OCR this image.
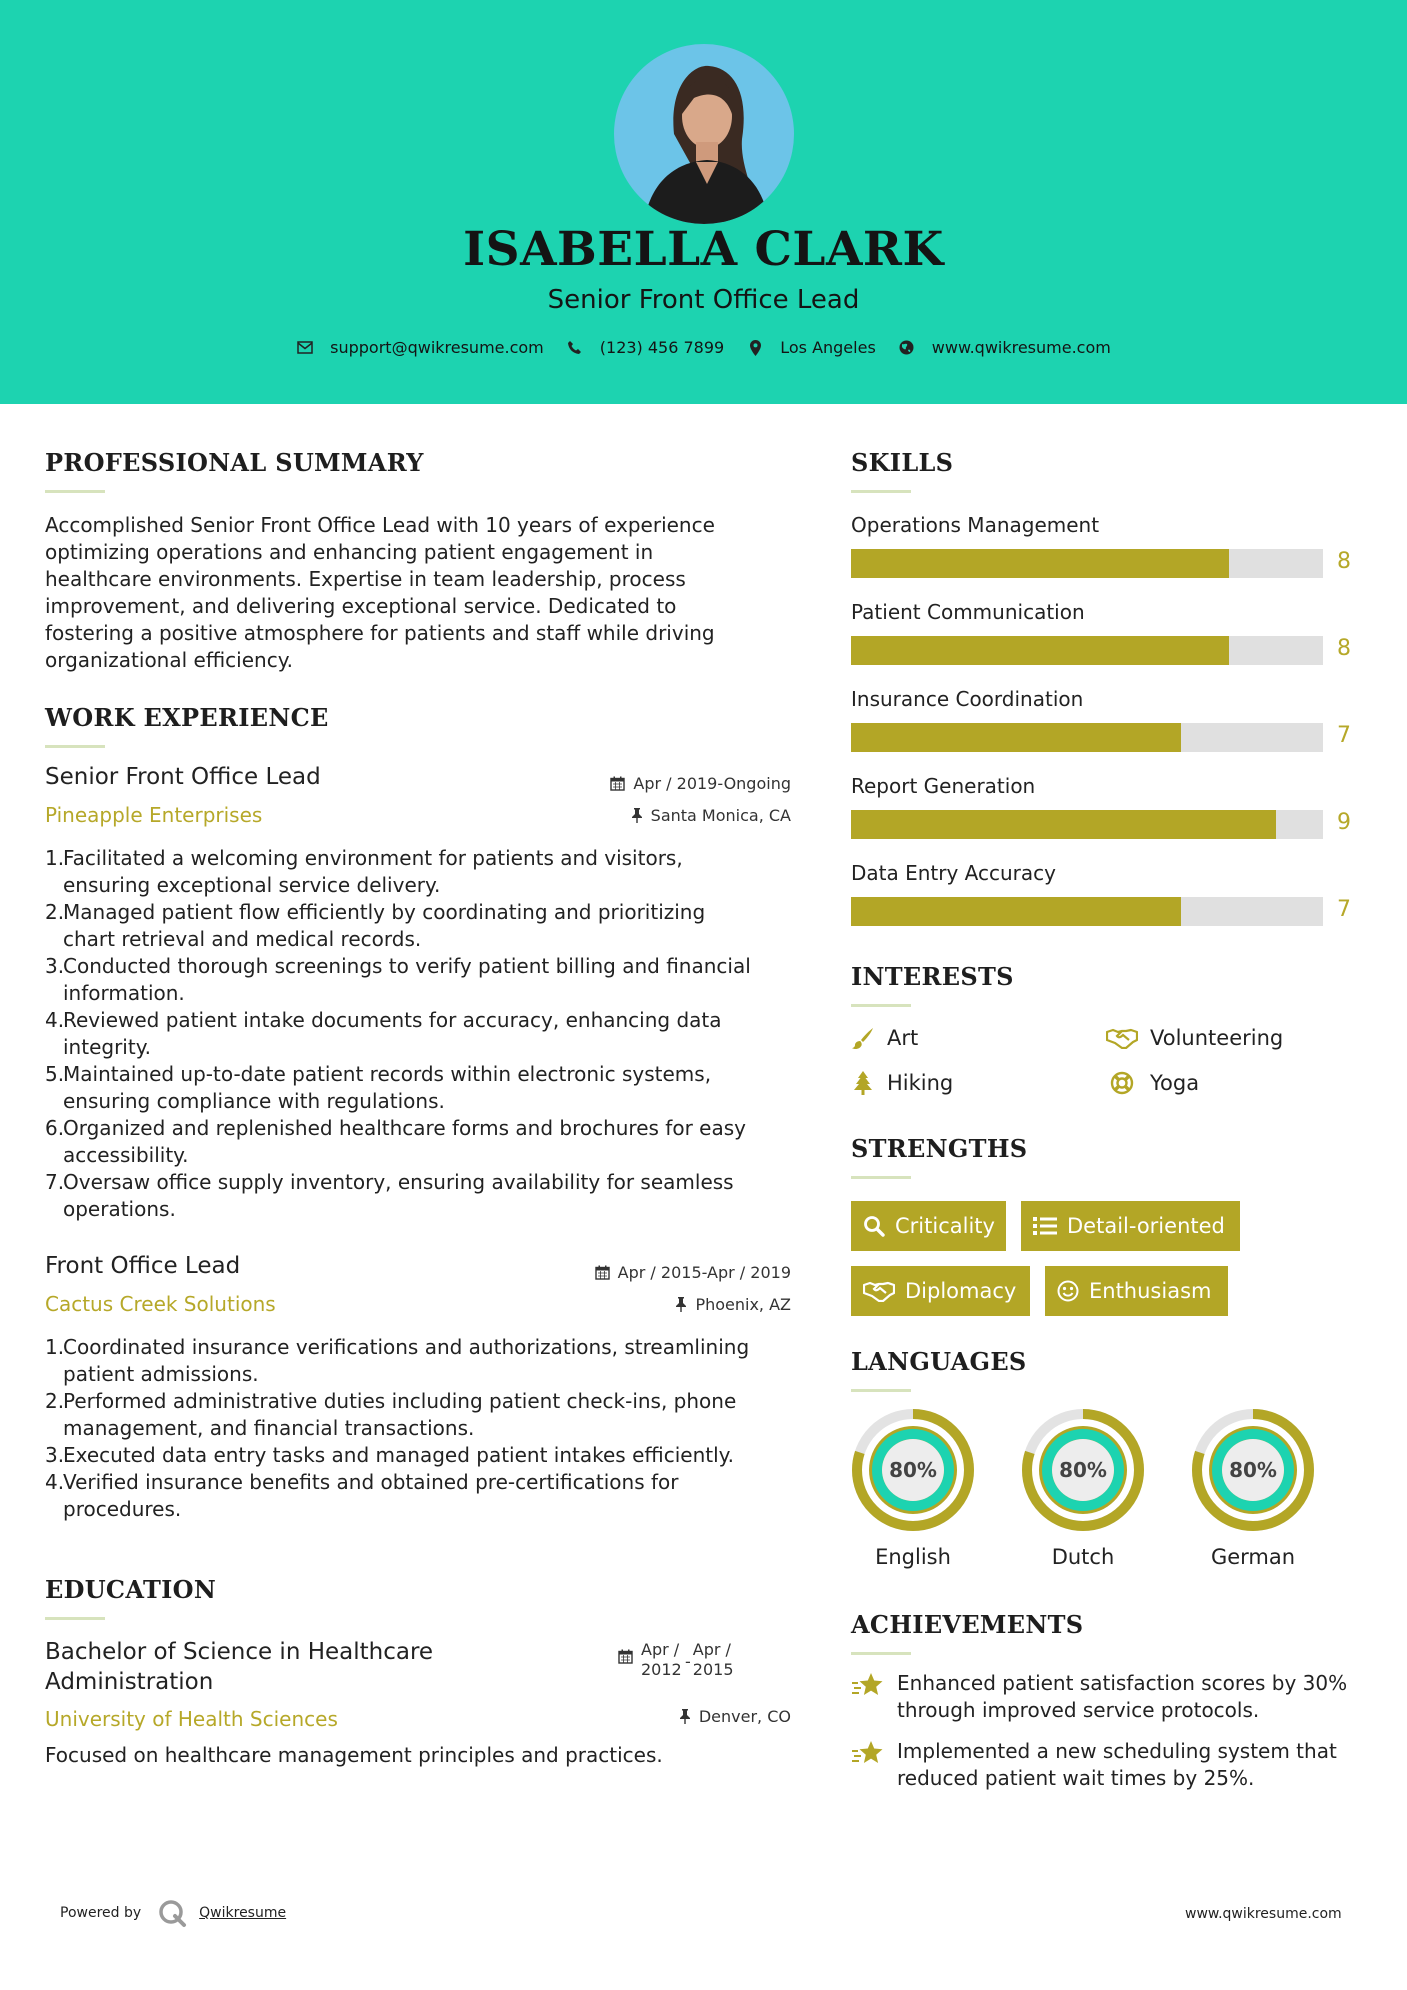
ISABELLA CLARK
Senior Front Office Lead
support@qwikresume.com	(123) 456 7899	Los Angeles	www.qwikresume.com
PROFESSIONAL SUMMARY
Accomplished Senior Front Office Lead with 10 years of experience
optimizing operations and enhancing patient engagement in
healthcare environments. Expertise in team leadership, process
improvement, and delivering exceptional service. Dedicated to
fostering a positive atmosphere for patients and staff while driving
organizational efficiency.
WORK EXPERIENCE
Senior Front Office Lead
Pineapple Enterprises
Apr / 2019-Ongoing
Santa Monica, CA
1.
Facilitated a welcoming environment for patients and visitors,
ensuring exceptional service delivery.
2.
Managed patient flow efficiently by coordinating and prioritizing
chart retrieval and medical records.
3.
Conducted thorough screenings to verify patient billing and financial
information.
4.
Reviewed patient intake documents for accuracy, enhancing data
integrity.
5.
Maintained up-to-date patient records within electronic systems,
ensuring compliance with regulations.
6.
Organized and replenished healthcare forms and brochures for easy
accessibility.
7.
Oversaw office supply inventory, ensuring availability for seamless
operations.
Front Office Lead
Cactus Creek Solutions
Apr / 2015-Apr / 2019
Phoenix, AZ
1.
Coordinated insurance verifications and authorizations, streamlining
patient admissions.
2.
Performed administrative duties including patient check-ins, phone
management, and financial transactions.
3.
Executed data entry tasks and managed patient intakes efficiently.
4.
Verified insurance benefits and obtained pre-certifications for
procedures.
EDUCATION
Bachelor of Science in Healthcare
Administration
University of Health Sciences
Apr /
2012 -
Apr /
2015
Denver, CO
Focused on healthcare management principles and practices.
SKILLS
Operations Management
8
Patient Communication
8
Insurance Coordination
7
Report Generation
9
Data Entry Accuracy
7
INTERESTS
Art	Volunteering
Hiking	Yoga
STRENGTHS
Criticality	Detail-oriented
Diplomacy	Enthusiasm
LANGUAGES
80%
English
80%
Dutch
80%
German
ACHIEVEMENTS
Enhanced patient satisfaction scores by 30%
through improved service protocols.
Implemented a new scheduling system that
reduced patient wait times by 25%.
Powered by	Qwikresume	www.qwikresume.com
